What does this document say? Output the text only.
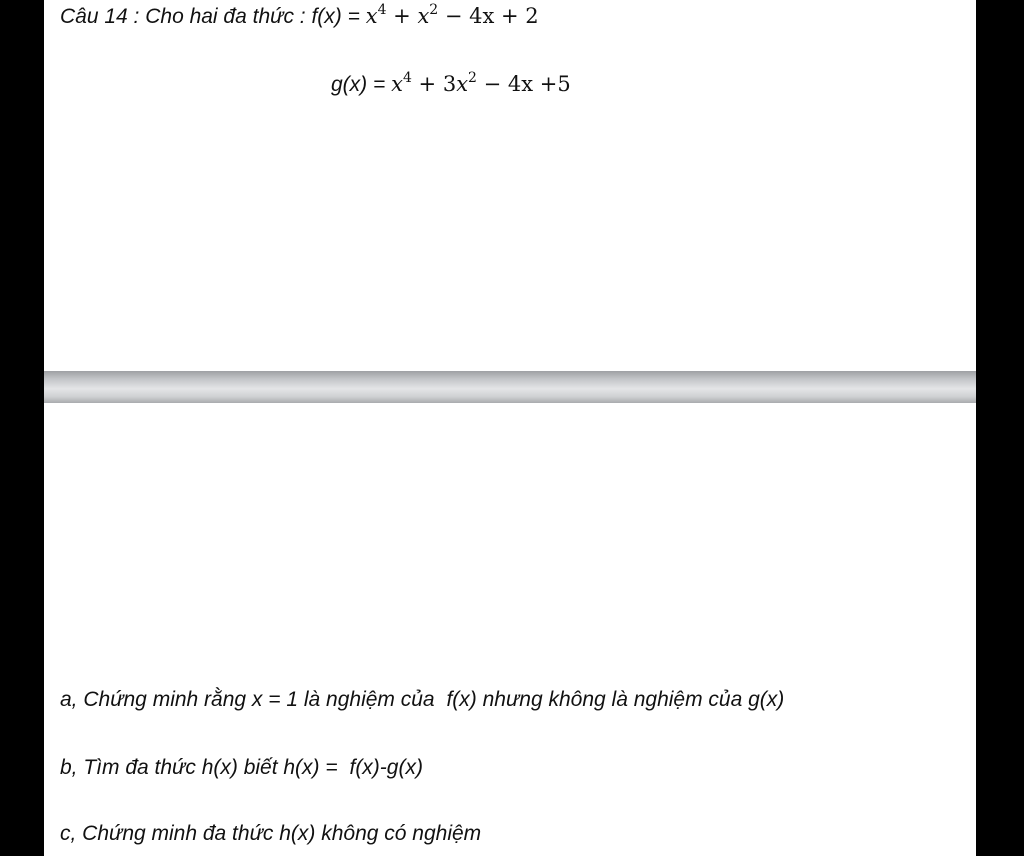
Câu 14 : Cho hai đa thức : $f(x) = x^4 + x^2 - 4x + 2$
$g(x) = x^4 + 3x^2 - 4x +5$
a, Chứng minh rằng x = 1 là nghiệm của f(x) nhưng không là nghiệm của g(x)
b, Tìm đa thức h(x) biết h(x) = f(x)-g(x)
c, Chứng minh đa thức h(x) không có nghiệm
